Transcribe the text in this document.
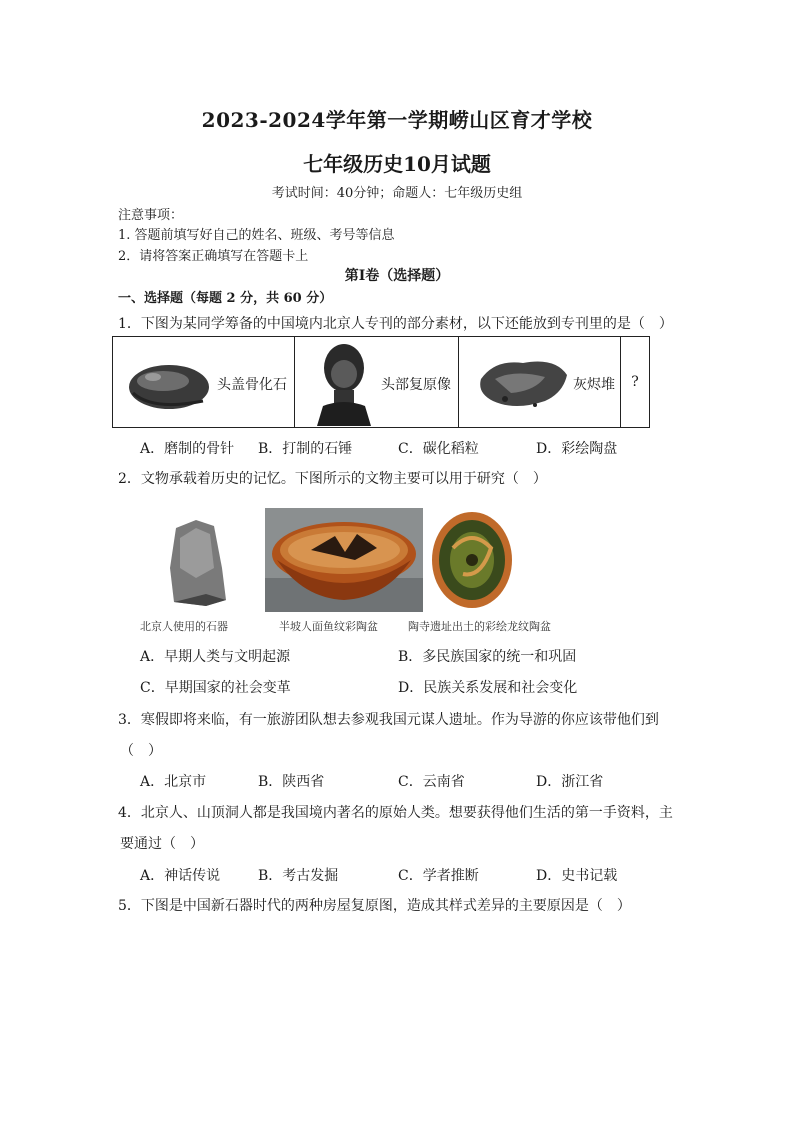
2023-2024学年第一学期崂山区育才学校
七年级历史10月试题
考试时间：40分钟；命题人：七年级历史组
注意事项：
1. 答题前填写好自己的姓名、班级、考号等信息
2．请将答案正确填写在答题卡上
第Ⅰ卷（选择题）
一、选择题（每题 2 分，共 60 分）
1．下图为某同学筹备的中国境内北京人专刊的部分素材，以下还能放到专刊里的是（　）
头盖骨化石	头部复原像	灰烬堆	?
A．磨制的骨针 B．打制的石锤	C．碳化稻粒	D．彩绘陶盘
2．文物承载着历史的记忆。下图所示的文物主要可以用于研究（　）
北京人使用的石器	半坡人面鱼纹彩陶盆	陶寺遗址出土的彩绘龙纹陶盆
A．早期人类与文明起源	B．多民族国家的统一和巩固
C．早期国家的社会变革	D．民族关系发展和社会变化
3．寒假即将来临，有一旅游团队想去参观我国元谋人遗址。作为导游的你应该带他们到
（　）
A．北京市	B．陕西省	C．云南省	D．浙江省
4．北京人、山顶洞人都是我国境内著名的原始人类。想要获得他们生活的第一手资料，主
要通过（　）
A．神话传说	B．考古发掘	C．学者推断	D．史书记载
5．下图是中国新石器时代的两种房屋复原图，造成其样式差异的主要原因是（　）
